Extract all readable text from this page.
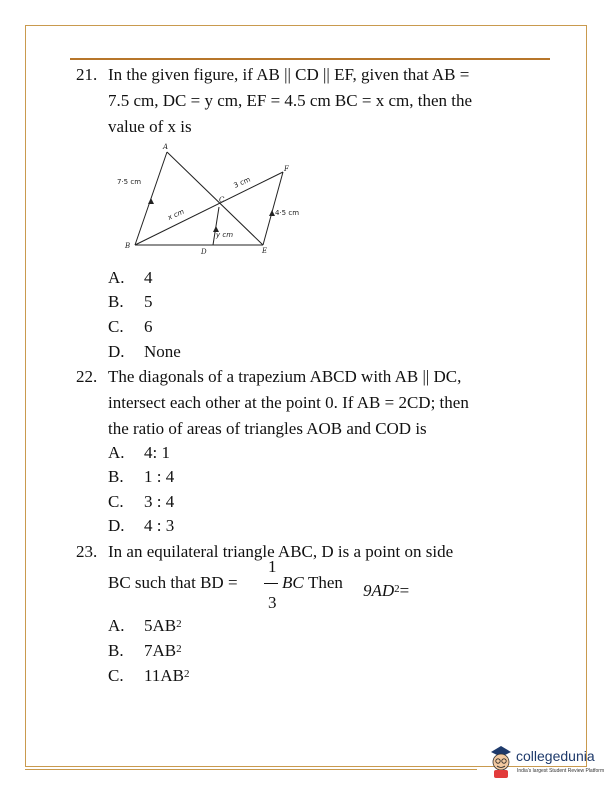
21. In the given figure, if AB || CD || EF, given that AB =
7.5 cm, DC = y cm, EF = 4.5 cm BC = x cm, then the
value of x is
A
B
C
D	E
F
7·5 cm	3 cm
x cm
y cm
4·5 cm
A. 4
B. 5
C. 6
D. None
22. The diagonals of a trapezium ABCD with AB || DC,
intersect each other at the point 0. If AB = 2CD; then
the ratio of areas of triangles AOB and COD is
A. 4: 1
B. 1 : 4
C. 3 : 4
D. 4 : 3
23. In an equilateral triangle ABC, D is a point on side
BC such that BD =
1
3
BC Then $9AD^2=$
A. $5AB^2$
B. $7AB^2$
C. $11AB^2$
collegedunia
India's largest Student Review Platform
